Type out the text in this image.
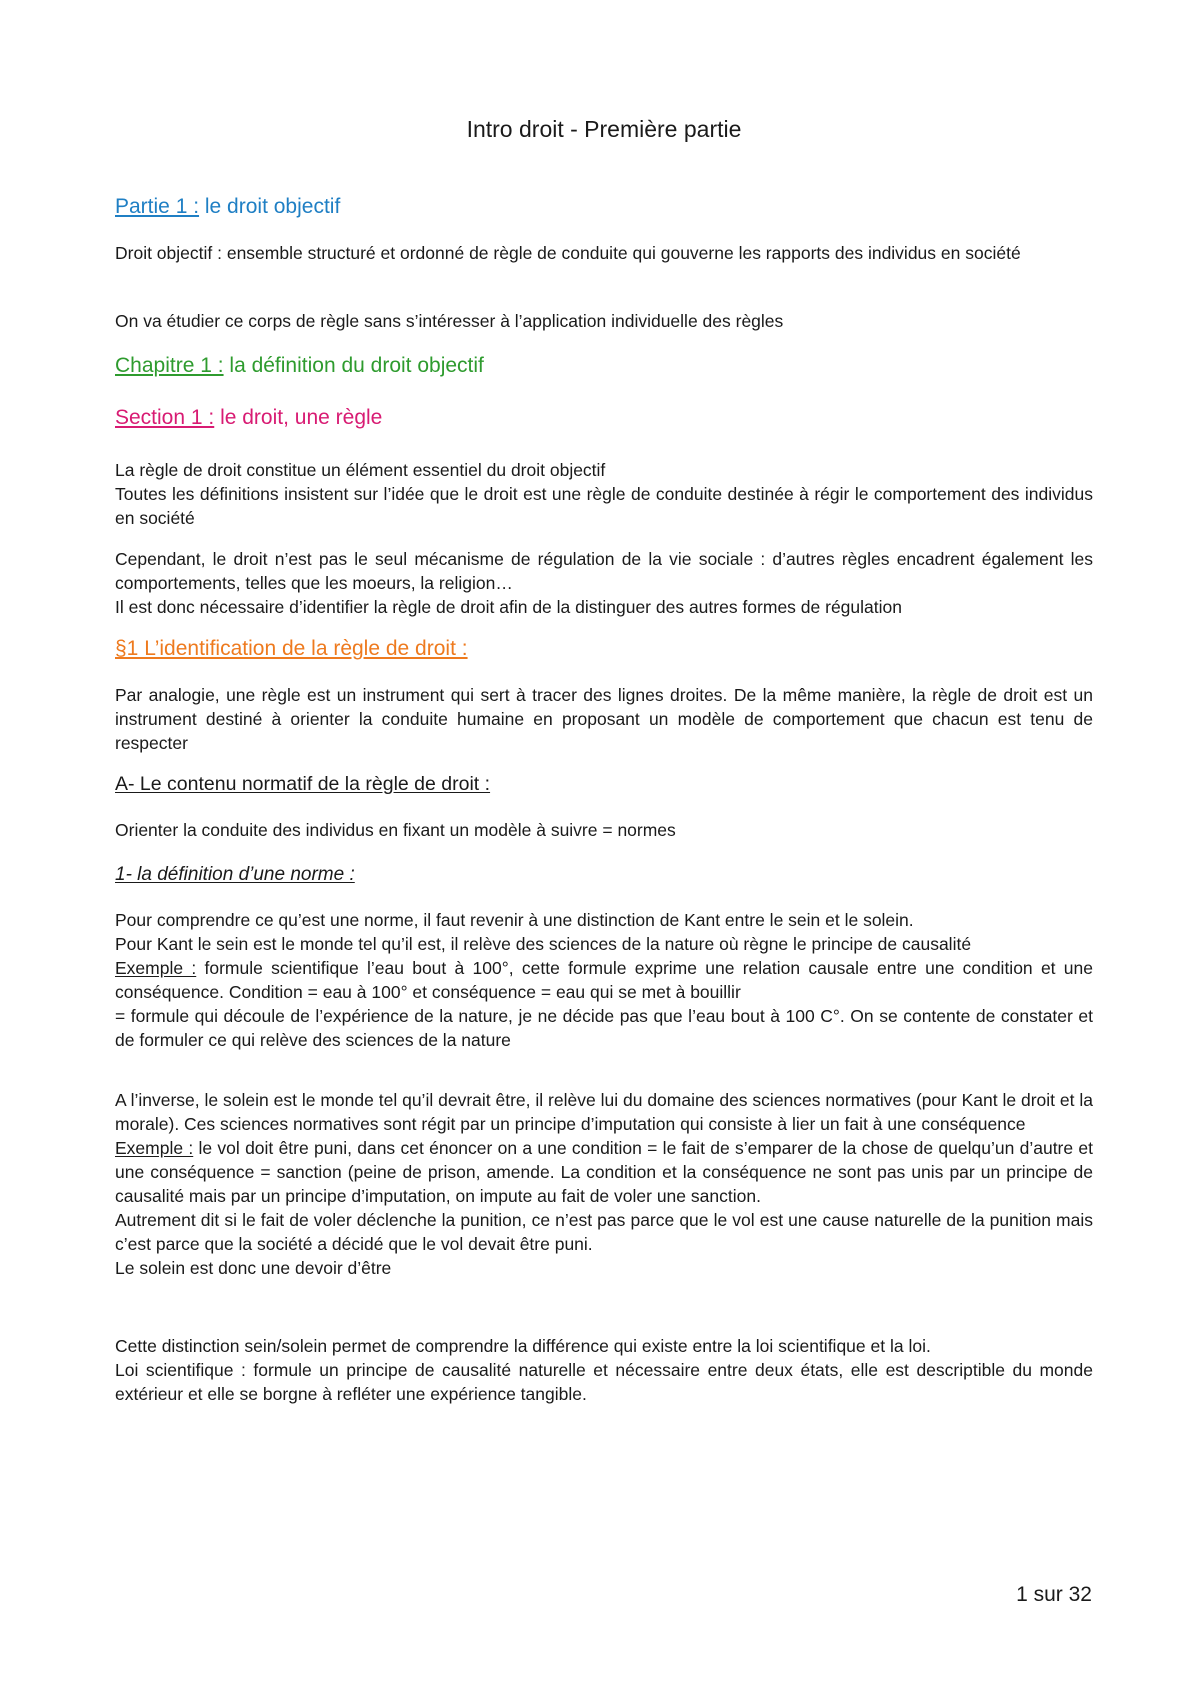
Intro droit - Première partie
Partie 1 : le droit objectif
Droit objectif : ensemble structuré et ordonné de règle de conduite qui gouverne les rapports des individus en société
On va étudier ce corps de règle sans s’intéresser à l’application individuelle des règles
Chapitre 1 : la définition du droit objectif
Section 1 : le droit, une règle
La règle de droit constitue un élément essentiel du droit objectif
Toutes les définitions insistent sur l’idée que le droit est une règle de conduite destinée à régir le comportement des individus en société
Cependant, le droit n’est pas le seul mécanisme de régulation de la vie sociale : d’autres règles encadrent également les comportements, telles que les moeurs, la religion…
Il est donc nécessaire d’identifier la règle de droit afin de la distinguer des autres formes de régulation
§1 L’identification de la règle de droit :
Par analogie, une règle est un instrument qui sert à tracer des lignes droites. De la même manière, la règle de droit est un instrument destiné à orienter la conduite humaine en proposant un modèle de comportement que chacun est tenu de respecter
A- Le contenu normatif de la règle de droit :
Orienter la conduite des individus en fixant un modèle à suivre = normes
1- la définition d’une norme :
Pour comprendre ce qu’est une norme, il faut revenir à une distinction de Kant entre le sein et le solein.
Pour Kant le sein est le monde tel qu’il est, il relève des sciences de la nature où règne le principe de causalité
Exemple : formule scientifique l’eau bout à 100°, cette formule exprime une relation causale entre une condition et une conséquence. Condition = eau à 100° et conséquence = eau qui se met à bouillir
= formule qui découle de l’expérience de la nature, je ne décide pas que l’eau bout à 100 C°. On se contente de constater et de formuler ce qui relève des sciences de la nature
A l’inverse, le solein est le monde tel qu’il devrait être, il relève lui du domaine des sciences normatives (pour Kant le droit et la morale). Ces sciences normatives sont régit par un principe d’imputation qui consiste à lier un fait à une conséquence
Exemple : le vol doit être puni, dans cet énoncer on a une condition = le fait de s’emparer de la chose de quelqu’un d’autre et une conséquence = sanction (peine de prison, amende. La condition et la conséquence ne sont pas unis par un principe de causalité mais par un principe d’imputation, on impute au fait de voler une sanction.
Autrement dit si le fait de voler déclenche la punition, ce n’est pas parce que le vol est une cause naturelle de la punition mais c’est parce que la société a décidé que le vol devait être puni.
Le solein est donc une devoir d’être
Cette distinction sein/solein permet de comprendre la différence qui existe entre la loi scientifique et la loi.
Loi scientifique : formule un principe de causalité naturelle et nécessaire entre deux états, elle est descriptible du monde extérieur et elle se borgne à refléter une expérience tangible.
1 sur 32
